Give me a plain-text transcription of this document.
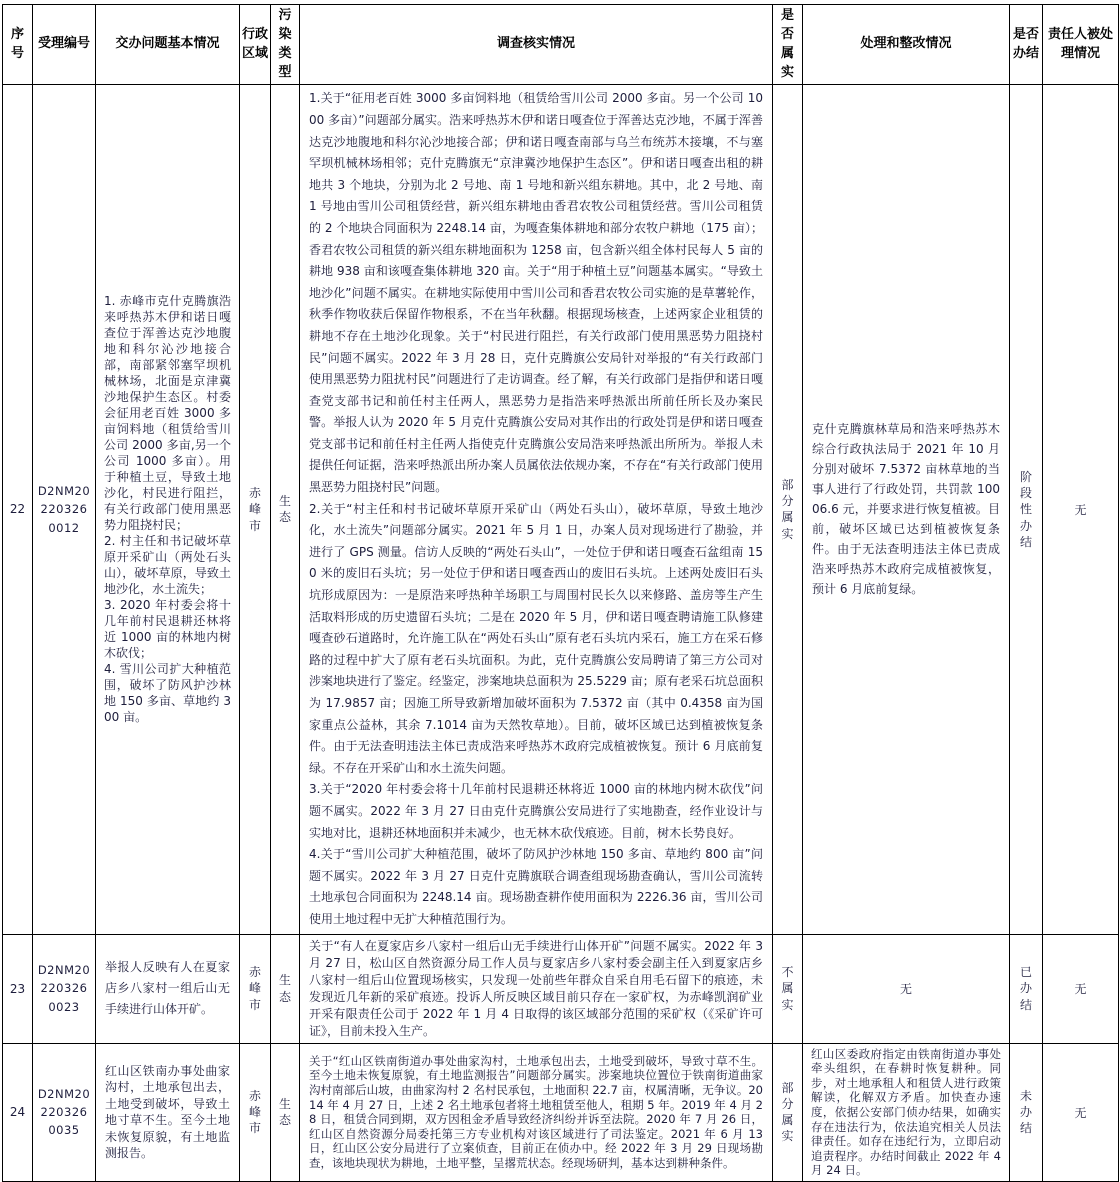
序号	受理编号	交办问题基本情况	行政区域	污染类型	调查核实情况	是否属实	处理和整改情况	是否办结	责任人被处理情况
22	D2NM202203260012	1. 赤峰市克什克腾旗浩来呼热苏木伊和诺日嘎查位于浑善达克沙地腹地和科尔沁沙地接合部，南部紧邻塞罕坝机械林场，北面是京津冀沙地保护生态区。村委会征用老百姓 3000 多亩饲料地（租赁给雪川公司 2000 多亩,另一个公司 1000 多亩）。用于种植土豆，导致土地沙化，村民进行阻拦，有关行政部门使用黑恶势力阻挠村民；
2. 村主任和书记破坏草原开采矿山（两处石头山），破坏草原，导致土地沙化，水土流失；
3. 2020 年村委会将十几年前村民退耕还林将近 1000 亩的林地内树木砍伐；
4. 雪川公司扩大种植范围，破坏了防风护沙林地 150 多亩、草地约 300 亩。	赤峰市	生态	1.关于“征用老百姓 3000 多亩饲料地（租赁给雪川公司 2000 多亩。另一个公司 1000 多亩）”问题部分属实。浩来呼热苏木伊和诺日嘎查位于浑善达克沙地，不属于浑善达克沙地腹地和科尔沁沙地接合部；伊和诺日嘎查南部与乌兰布统苏木接壤，不与塞罕坝机械林场相邻；克什克腾旗无“京津冀沙地保护生态区”。伊和诺日嘎查出租的耕地共 3 个地块，分别为北 2 号地、南 1 号地和新兴组东耕地。其中，北 2 号地、南 1 号地由雪川公司租赁经营，新兴组东耕地由香君农牧公司租赁经营。雪川公司租赁的 2 个地块合同面积为 2248.14 亩，为嘎查集体耕地和部分农牧户耕地（175 亩）；香君农牧公司租赁的新兴组东耕地面积为 1258 亩，包含新兴组全体村民每人 5 亩的耕地 938 亩和该嘎查集体耕地 320 亩。关于“用于种植土豆”问题基本属实。“导致土地沙化”问题不属实。在耕地实际使用中雪川公司和香君农牧公司实施的是草薯轮作，秋季作物收获后保留作物根系，不在当年秋翻。根据现场核查，上述两家企业租赁的耕地不存在土地沙化现象。关于“村民进行阻拦，有关行政部门使用黑恶势力阻挠村民”问题不属实。2022 年 3 月 28 日，克什克腾旗公安局针对举报的“有关行政部门使用黑恶势力阻扰村民”问题进行了走访调查。经了解，有关行政部门是指伊和诺日嘎查党支部书记和前任村主任两人，黑恶势力是指浩来呼热派出所前任所长及办案民警。举报人认为 2020 年 5 月克什克腾旗公安局对其作出的行政处罚是伊和诺日嘎查党支部书记和前任村主任两人指使克什克腾旗公安局浩来呼热派出所所为。举报人未提供任何证据，浩来呼热派出所办案人员属依法依规办案，不存在“有关行政部门使用黑恶势力阻挠村民”问题。
2.关于“村主任和村书记破坏草原开采矿山（两处石头山），破坏草原，导致土地沙化，水土流失”问题部分属实。2021 年 5 月 1 日，办案人员对现场进行了勘验，并进行了 GPS 测量。信访人反映的“两处石头山”，一处位于伊和诺日嘎查石盆组南 150 米的废旧石头坑；另一处位于伊和诺日嘎查西山的废旧石头坑。上述两处废旧石头坑形成原因为：一是原浩来呼热种羊场职工与周围村民长久以来修路、盖房等生产生活取料形成的历史遗留石头坑；二是在 2020 年 5 月，伊和诺日嘎查聘请施工队修建嘎查砂石道路时，允许施工队在“两处石头山”原有老石头坑内采石，施工方在采石修路的过程中扩大了原有老石头坑面积。为此，克什克腾旗公安局聘请了第三方公司对涉案地块进行了鉴定。经鉴定，涉案地块总面积为 25.5229 亩；原有老采石坑总面积为 17.9857 亩；因施工所导致新增加破坏面积为 7.5372 亩（其中 0.4358 亩为国家重点公益林，其余 7.1014 亩为天然牧草地）。目前，破坏区域已达到植被恢复条件。由于无法查明违法主体已责成浩来呼热苏木政府完成植被恢复。预计 6 月底前复绿。不存在开采矿山和水土流失问题。
3.关于“2020 年村委会将十几年前村民退耕还林将近 1000 亩的林地内树木砍伐”问题不属实。2022 年 3 月 27 日由克什克腾旗公安局进行了实地勘查，经作业设计与实地对比，退耕还林地面积并未减少，也无林木砍伐痕迹。目前，树木长势良好。
4.关于“雪川公司扩大种植范围，破坏了防风护沙林地 150 多亩、草地约 800 亩”问题不属实。2022 年 3 月 27 日克什克腾旗联合调查组现场勘查确认，雪川公司流转土地承包合同面积为 2248.14 亩。现场勘查耕作使用面积为 2226.36 亩，雪川公司使用土地过程中无扩大种植范围行为。	部分属实	克什克腾旗林草局和浩来呼热苏木综合行政执法局于 2021 年 10 月分别对破坏 7.5372 亩林草地的当事人进行了行政处罚，共罚款 10006.6 元，并要求进行恢复植被。目前，破坏区域已达到植被恢复条件。由于无法查明违法主体已责成浩来呼热苏木政府完成植被恢复，预计 6 月底前复绿。	阶段性办结	无
23	D2NM202203260023	举报人反映有人在夏家店乡八家村一组后山无手续进行山体开矿。	赤峰市	生态	关于“有人在夏家店乡八家村一组后山无手续进行山体开矿”问题不属实。2022 年 3 月 27 日，松山区自然资源分局工作人员与夏家店乡八家村委会副主任入到夏家店乡八家村一组后山位置现场核实，只发现一处前些年群众自采自用毛石留下的痕迹，未发现近几年新的采矿痕迹。投诉人所反映区域目前只存在一家矿权，为赤峰凯润矿业开采有限责任公司于 2022 年 1 月 4 日取得的该区域部分范围的采矿权（《采矿许可证》，目前未投入生产。	不属实	无	已办结	无
24	D2NM202203260035	红山区铁南办事处曲家沟村，土地承包出去，土地受到破坏，导致土地寸草不生。至今土地未恢复原貌，有土地监测报告。	赤峰市	生态	关于“红山区铁南街道办事处曲家沟村，土地承包出去，土地受到破坏，导致寸草不生。至今土地未恢复原貌，有土地监测报告”问题部分属实。涉案地块位置位于铁南街道曲家沟村南部后山坡，由曲家沟村 2 名村民承包，土地面积 22.7 亩，权属清晰，无争议。2014 年 4 月 27 日，上述 2 名土地承包者将土地租赁至他人，租期 5 年。2019 年 4 月 28 日，租赁合同到期，双方因租金矛盾导致经济纠纷并诉至法院。2020 年 7 月 26 日，红山区自然资源分局委托第三方专业机构对该区域进行了司法鉴定。2021 年 6 月 13 日，红山区公安分局进行了立案侦查，目前正在侦办中。经 2022 年 3 月 29 日现场勘查，该地块现状为耕地，土地平整，呈撂荒状态。经现场研判，基本达到耕种条件。	部分属实	红山区委政府指定由铁南街道办事处牵头组织，在春耕时恢复耕种。同步，对土地承租人和租赁人进行政策解读，化解双方矛盾。加快查办速度，依据公安部门侦办结果，如确实存在违法行为，依法追究相关人员法律责任。如存在违纪行为，立即启动追责程序。办结时间截止 2022 年 4 月 24 日。	未办结	无
